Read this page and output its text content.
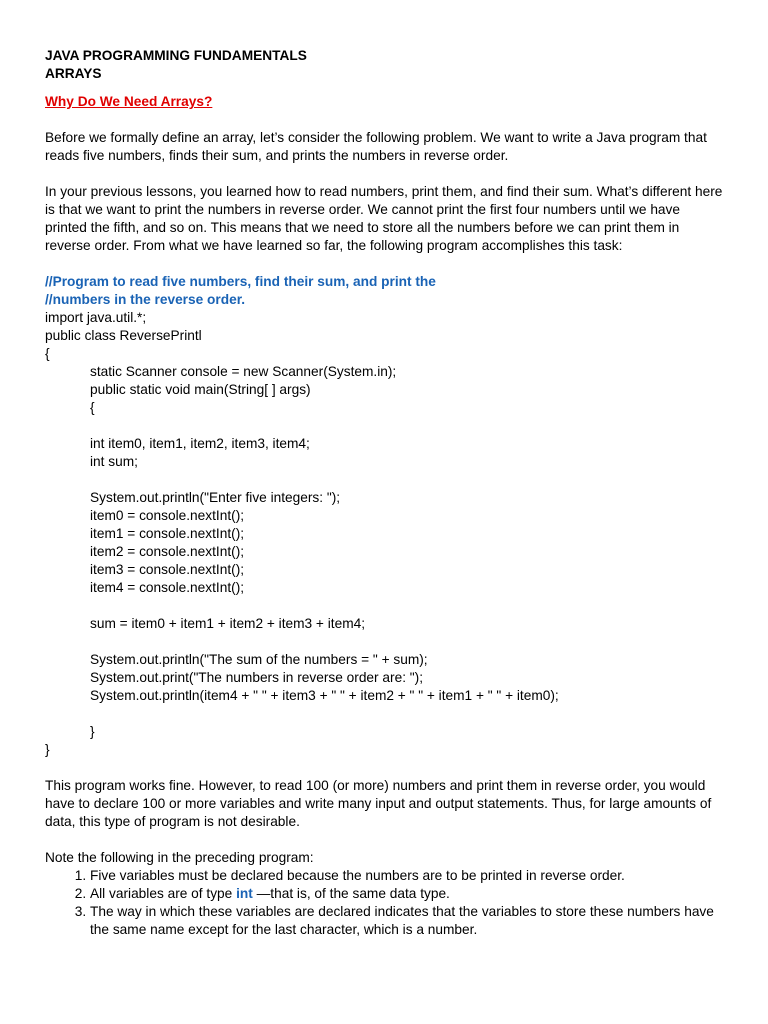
JAVA PROGRAMMING FUNDAMENTALS
ARRAYS
Why Do We Need Arrays?
Before we formally define an array, let’s consider the following problem. We want to write a Java program that reads five numbers, finds their sum, and prints the numbers in reverse order.
In your previous lessons, you learned how to read numbers, print them, and find their sum. What’s different here is that we want to print the numbers in reverse order. We cannot print the first four numbers until we have printed the fifth, and so on. This means that we need to store all the numbers before we can print them in reverse order. From what we have learned so far, the following program accomplishes this task:
//Program to read five numbers, find their sum, and print the
//numbers in the reverse order.
import java.util.*;
public class ReversePrintl
{
static Scanner console = new Scanner(System.in);
public static void main(String[ ] args)
{
int item0, item1, item2, item3, item4;
int sum;
System.out.println("Enter five integers: ");
item0 = console.nextInt();
item1 = console.nextInt();
item2 = console.nextInt();
item3 = console.nextInt();
item4 = console.nextInt();
sum = item0 + item1 + item2 + item3 + item4;
System.out.println("The sum of the numbers = " + sum);
System.out.print("The numbers in reverse order are: ");
System.out.println(item4 + " " + item3 + " " + item2 + " " + item1 + " " + item0);
}
}
This program works fine. However, to read 100 (or more) numbers and print them in reverse order, you would have to declare 100 or more variables and write many input and output statements. Thus, for large amounts of data, this type of program is not desirable.
Note the following in the preceding program:
1. Five variables must be declared because the numbers are to be printed in reverse order.
2. All variables are of type int —that is, of the same data type.
3. The way in which these variables are declared indicates that the variables to store these numbers have the same name except for the last character, which is a number.
